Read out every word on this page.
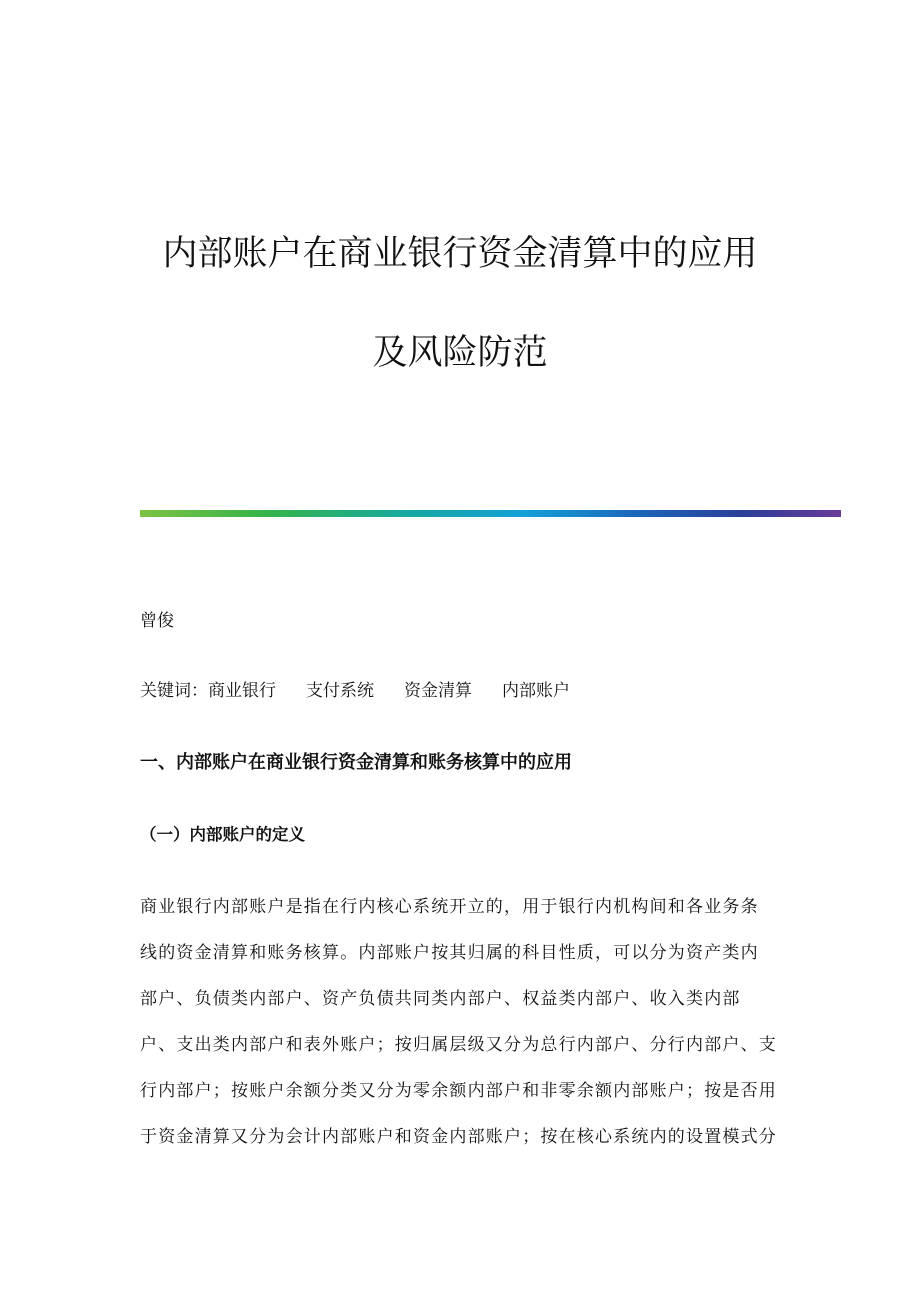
内部账户在商业银行资金清算中的应用
及风险防范
曾俊
关键词：商业银行 支付系统 资金清算 内部账户
一、内部账户在商业银行资金清算和账务核算中的应用
（一）内部账户的定义
商业银行内部账户是指在行内核心系统开立的，用于银行内机构间和各业务条
线的资金清算和账务核算。内部账户按其归属的科目性质，可以分为资产类内
部户、负债类内部户、资产负债共同类内部户、权益类内部户、收入类内部
户、支出类内部户和表外账户；按归属层级又分为总行内部户、分行内部户、支
行内部户；按账户余额分类又分为零余额内部户和非零余额内部账户；按是否用
于资金清算又分为会计内部账户和资金内部账户；按在核心系统内的设置模式分
